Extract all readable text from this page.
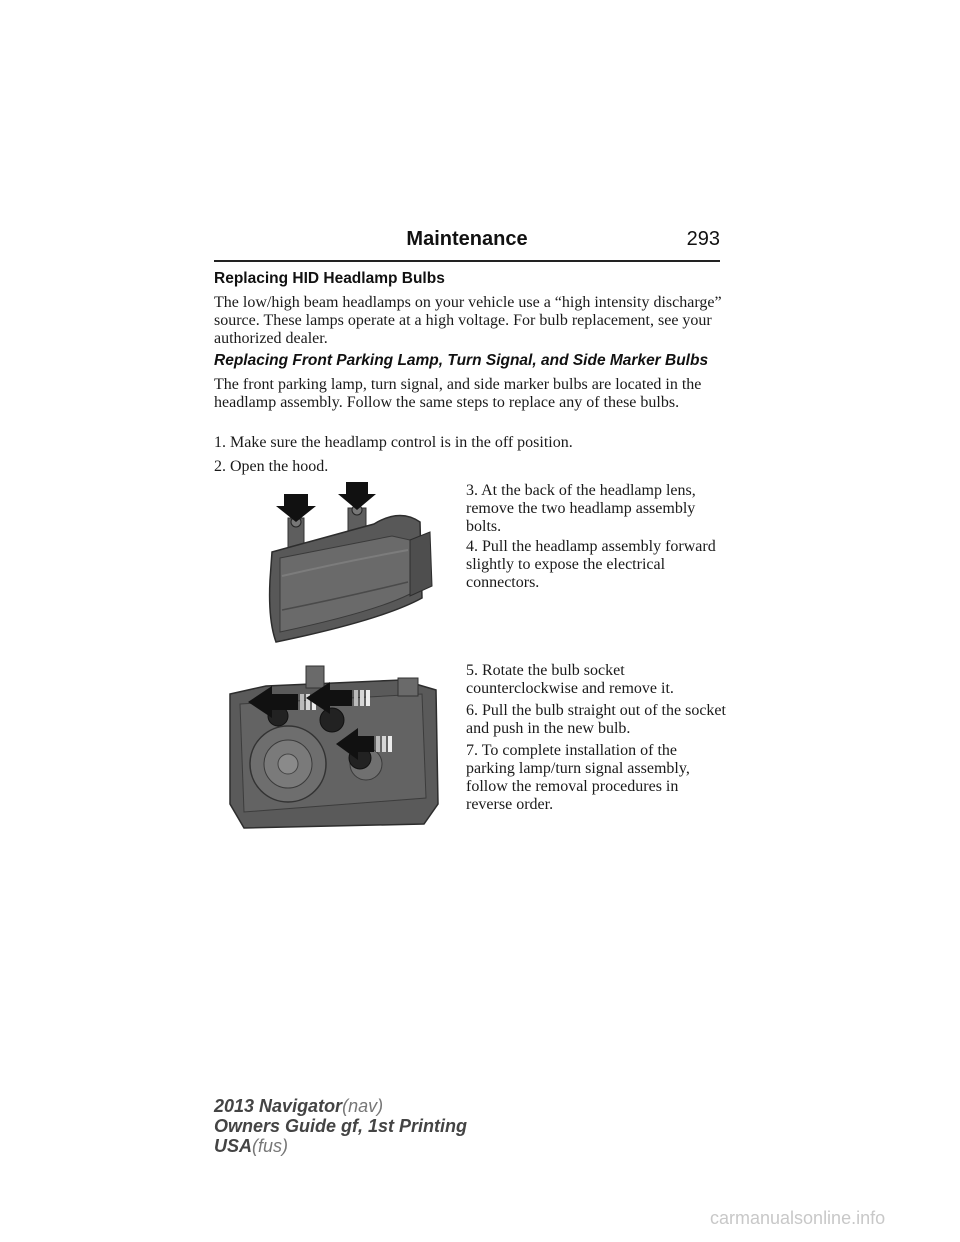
Maintenance	293
Replacing HID Headlamp Bulbs
The low/high beam headlamps on your vehicle use a “high intensity discharge” source. These lamps operate at a high voltage. For bulb replacement, see your authorized dealer.
Replacing Front Parking Lamp, Turn Signal, and Side Marker Bulbs
The front parking lamp, turn signal, and side marker bulbs are located in the headlamp assembly. Follow the same steps to replace any of these bulbs.
1. Make sure the headlamp control is in the off position.
2. Open the hood.
3. At the back of the headlamp lens, remove the two headlamp assembly bolts.
4. Pull the headlamp assembly forward slightly to expose the electrical connectors.
5. Rotate the bulb socket counterclockwise and remove it.
6. Pull the bulb straight out of the socket and push in the new bulb.
7. To complete installation of the parking lamp/turn signal assembly, follow the removal procedures in reverse order.
2013 Navigator(nav)
Owners Guide gf, 1st Printing
USA(fus)
carmanualsonline.info
